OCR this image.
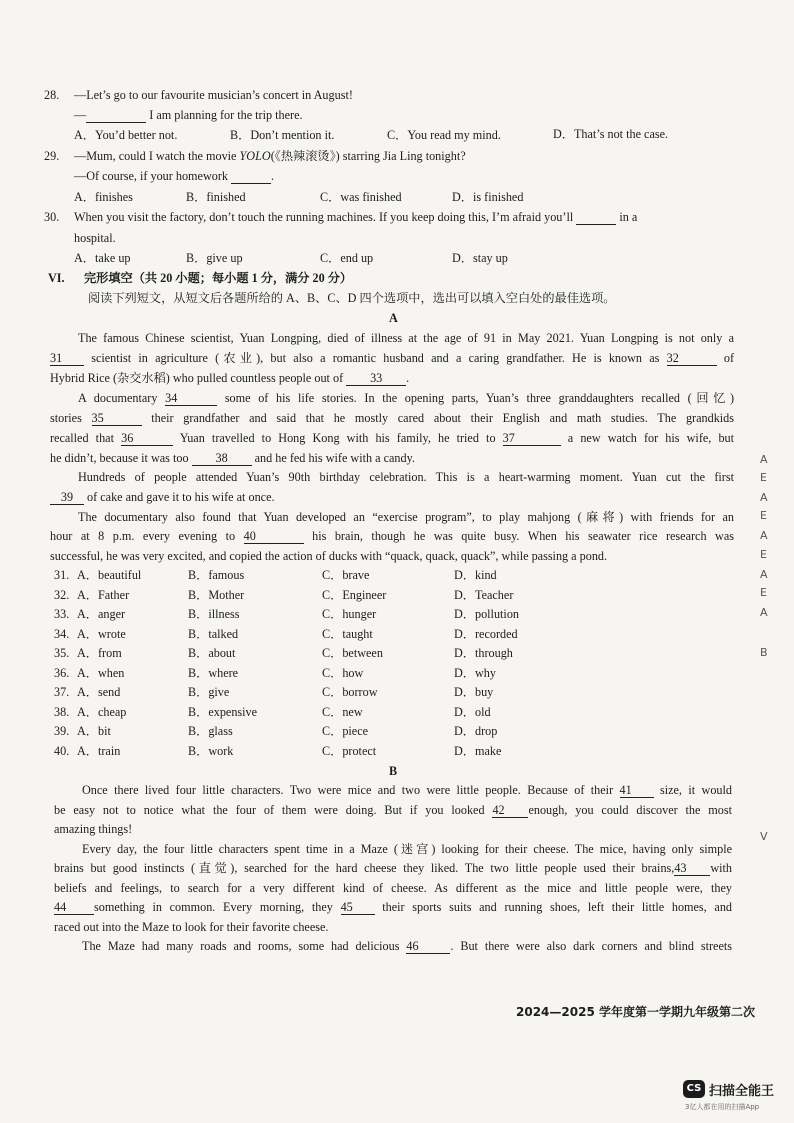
28. —Let’s go to our favourite musician’s concert in August!
—	I am planning for the trip there.
A．You’d better not.	B．Don’t mention it.	C．You read my mind.	D．That’s not the case.
29. —Mum, could I watch the movie YOLO(《热辣滚烫》) starring Jia Ling tonight?
—Of course, if your homework	.
A．finishes	B．finished	C．was finished	D．is finished
30. When you visit the factory, don’t touch the running machines. If you keep doing this, I’m afraid you’ll	in a
hospital.
A．take up	B．give up	C．end up	D．stay up
VI. 完形填空（共 20 小题；每小题 1 分，满分 20 分）
阅读下列短文，从短文后各题所给的 A、B、C、D 四个选项中，选出可以填入空白处的最佳选项。
A
The famous Chinese scientist, Yuan Longping, died of illness at the age of 91 in May 2021. Yuan Longping is not only a
31 scientist in agriculture (农业), but also a romantic husband and a caring grandfather. He is known as 32	of
Hybrid Rice (杂交水稻) who pulled countless people out of 33 .
A documentary 34	some of his life stories. In the opening parts, Yuan’s three granddaughters recalled (回忆)
stories 35	their grandfather and said that he mostly cared about their English and math studies. The grandkids
recalled that 36	Yuan travelled to Hong Kong with his family, he tried to 37	a new watch for his wife, but
he didn’t, because it was too 38 and he fed his wife with a candy.
Hundreds of people attended Yuan’s 90th birthday celebration. This is a heart-warming moment. Yuan cut the first
39 of cake and gave it to his wife at once.
The documentary also found that Yuan developed an “exercise program”, to play mahjong (麻将) with friends for an
hour at 8 p.m. every evening to 40	his brain, though he was quite busy. When his seawater rice research was
successful, he was very excited, and copied the action of ducks with “quack, quack, quack”, while passing a pond.
31. A．beautiful	B．famous	C．brave	D．kind
32. A．Father	B．Mother	C．Engineer	D．Teacher
33. A．anger	B．illness	C．hunger	D．pollution
34. A．wrote	B．talked	C．taught	D．recorded
35. A．from	B．about	C．between	D．through
36. A．when	B．where	C．how	D．why
37. A．send	B．give	C．borrow	D．buy
38. A．cheap	B．expensive	C．new	D．old
39. A．bit	B．glass	C．piece	D．drop
40. A．train	B．work	C．protect	D．make
B
Once there lived four little characters. Two were mice and two were little people. Because of their 41 size, it would
be easy not to notice what the four of them were doing. But if you looked 42 enough, you could discover the most
amazing things!
Every day, the four little characters spent time in a Maze (迷宫) looking for their cheese. The mice, having only simple
brains but good instincts (直觉), searched for the hard cheese they liked. The two little people used their brains,43 with
beliefs and feelings, to search for a very different kind of cheese. As different as the mice and little people were, they
44 something in common. Every morning, they 45 their sports suits and running shoes, left their little homes, and
raced out into the Maze to look for their favorite cheese.
The Maze had many roads and rooms, some had delicious 46	. But there were also dark corners and blind streets
A
E
A
E
A
E
A
E
A
B
V
2024—2025 学年度第一学期九年级第二次
CS 扫描全能王
3亿人都在用的扫描App
